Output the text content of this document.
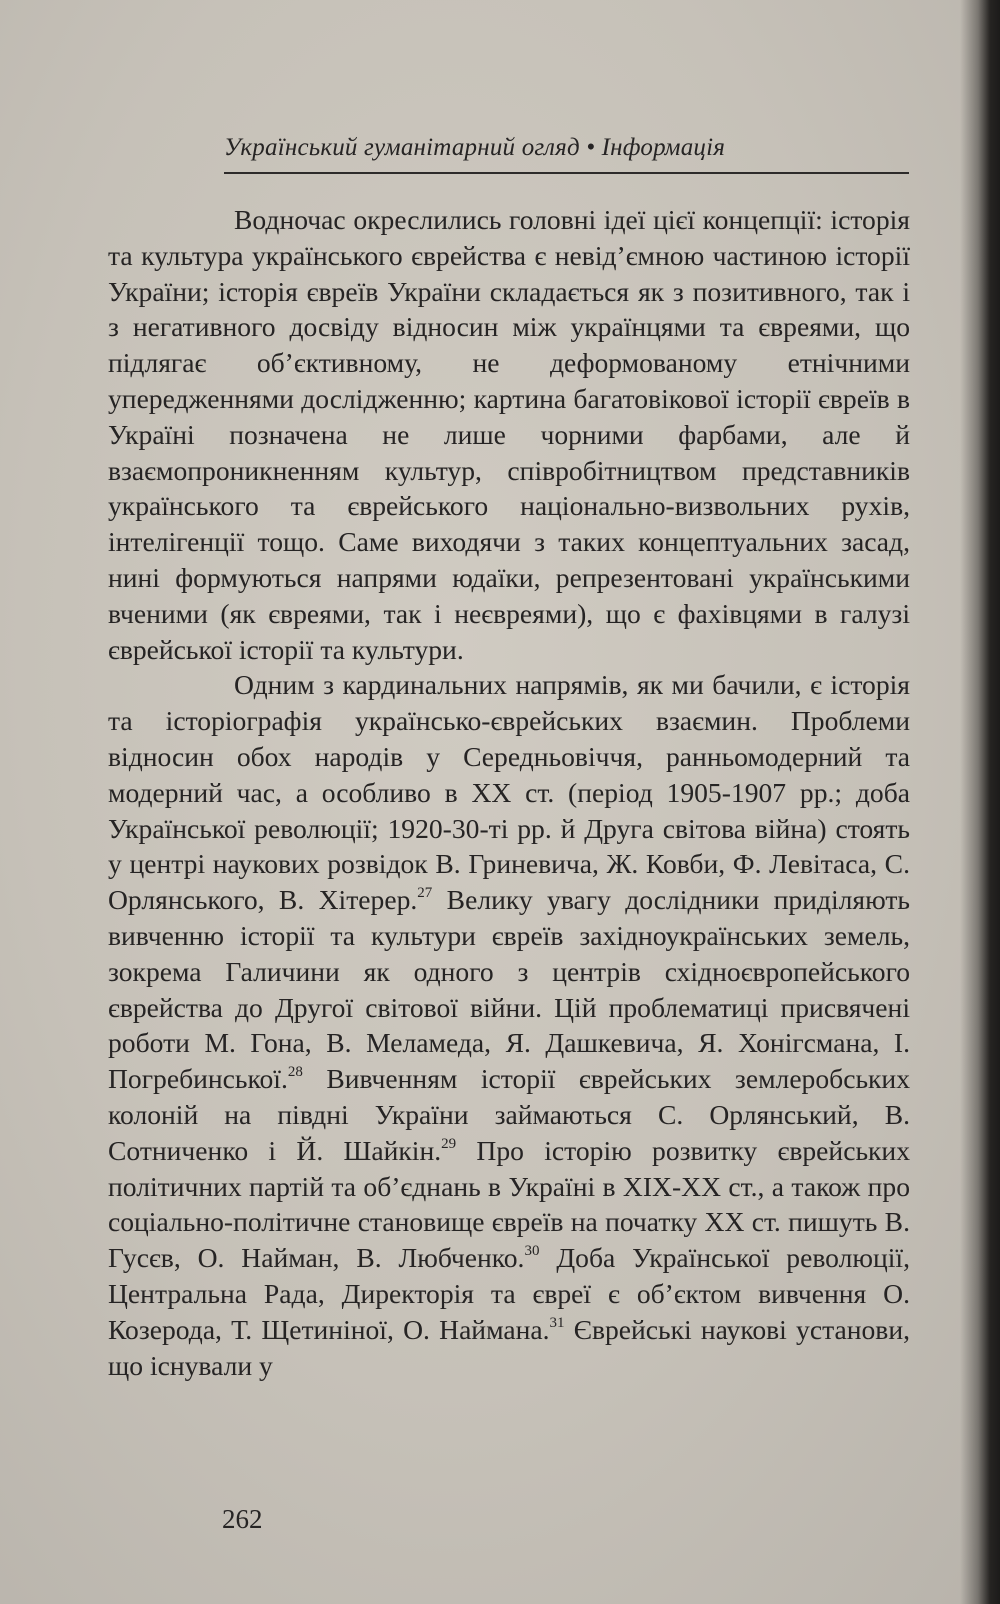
Український гуманітарний огляд • Інформація

Водночас окреслились головні ідеї цієї концепції: історія та культура українського єврейства є невід’ємною частиною історії України; історія євреїв України складається як з позитивного, так і з негативного досвіду відносин між українцями та євреями, що підлягає об’єктивному, не деформованому етнічними упередженнями дослідженню; картина багатовікової історії євреїв в Україні позначена не лише чорними фарбами, але й взаємопроникненням культур, співробітництвом представників українського та єврейського національно-визвольних рухів, інтелігенції тощо. Саме виходячи з таких концептуальних засад, нині формуються напрями юдаїки, репрезентовані українськими вченими (як євреями, так і неєвреями), що є фахівцями в галузі єврейської історії та культури.

Одним з кардинальних напрямів, як ми бачили, є історія та історіографія українсько-єврейських взаємин. Проблеми відносин обох народів у Середньовіччя, ранньомодерний та модерний час, а особливо в ХХ ст. (період 1905-1907 рр.; доба Української революції; 1920-30-ті рр. й Друга світова війна) стоять у центрі наукових розвідок В. Гриневича, Ж. Ковби, Ф. Левітаса, С. Орлянського, В. Хітерер.$^{27}$ Велику увагу дослідники приділяють вивченню історії та культури євреїв західноукраїнських земель, зокрема Галичини як одного з центрів східноєвропейського єврейства до Другої світової війни. Цій проблематиці присвячені роботи М. Гона, В. Меламеда, Я. Дашкевича, Я. Хонігсмана, І. Погребинської.$^{28}$ Вивченням історії єврейських землеробських колоній на півдні України займаються С. Орлянський, В. Сотниченко і Й. Шайкін.$^{29}$ Про історію розвитку єврейських політичних партій та об’єднань в Україні в ХІХ-ХХ ст., а також про соціально-політичне становище євреїв на початку ХХ ст. пишуть В. Гусєв, О. Найман, В. Любченко.$^{30}$ Доба Української революції, Центральна Рада, Директорія та євреї є об’єктом вивчення О. Козерода, Т. Щетиніної, О. Наймана.$^{31}$ Єврейські наукові установи, що існували у

262
